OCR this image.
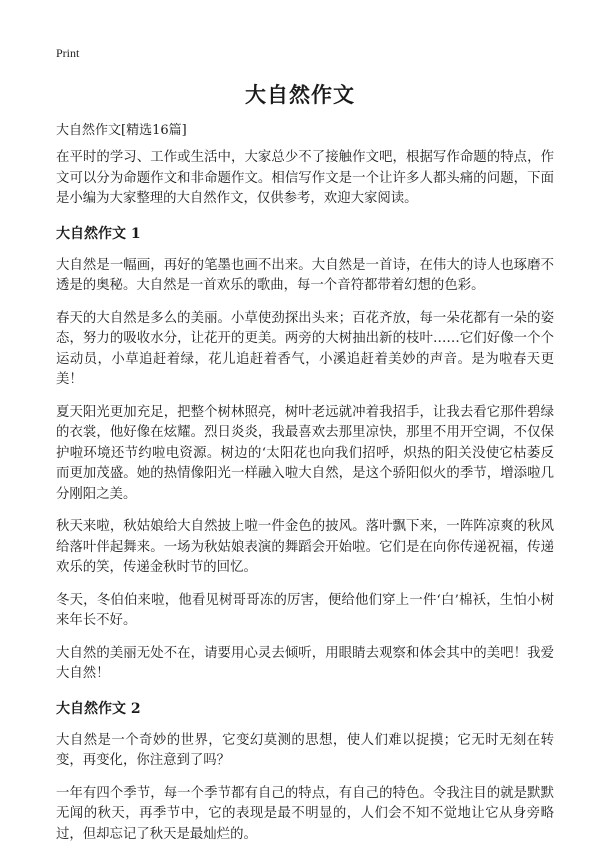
Print
大自然作文
大自然作文[精选16篇]

在平时的学习、工作或生活中，大家总少不了接触作文吧，根据写作命题的特点，作文可以分为命题作文和非命题作文。相信写作文是一个让许多人都头痛的问题，下面是小编为大家整理的大自然作文，仅供参考，欢迎大家阅读。

大自然作文 1

大自然是一幅画，再好的笔墨也画不出来。大自然是一首诗，在伟大的诗人也琢磨不透是的奥秘。大自然是一首欢乐的歌曲，每一个音符都带着幻想的色彩。

春天的大自然是多么的美丽。小草使劲探出头来；百花齐放，每一朵花都有一朵的姿态，努力的吸收水分，让花开的更美。两旁的大树抽出新的枝叶……它们好像一个个运动员，小草追赶着绿，花儿追赶着香气，小溪追赶着美妙的声音。是为啦春天更美！

夏天阳光更加充足，把整个树林照亮，树叶老远就冲着我招手，让我去看它那件碧绿的衣裳，他好像在炫耀。烈日炎炎，我最喜欢去那里凉快，那里不用开空调，不仅保护啦环境还节约啦电资源。树边的‘太阳花也向我们招呼，炽热的阳关没使它枯萎反而更加茂盛。她的热情像阳光一样融入啦大自然，是这个骄阳似火的季节，增添啦几分刚阳之美。

秋天来啦，秋姑娘给大自然披上啦一件金色的披风。落叶飘下来，一阵阵凉爽的秋风给落叶伴起舞来。一场为秋姑娘表演的舞蹈会开始啦。它们是在向你传递祝福，传递欢乐的笑，传递金秋时节的回忆。

冬天，冬伯伯来啦，他看见树哥哥冻的厉害，便给他们穿上一件‘白’棉袄，生怕小树来年长不好。

大自然的美丽无处不在，请要用心灵去倾听，用眼睛去观察和体会其中的美吧！我爱大自然！

大自然作文 2

大自然是一个奇妙的世界，它变幻莫测的思想，使人们难以捉摸；它无时无刻在转变，再变化，你注意到了吗？

一年有四个季节，每一个季节都有自己的特点，有自己的特色。令我注目的就是默默无闻的秋天，再季节中，它的表现是最不明显的，人们会不知不觉地让它从身旁略过，但却忘记了秋天是最灿烂的。
